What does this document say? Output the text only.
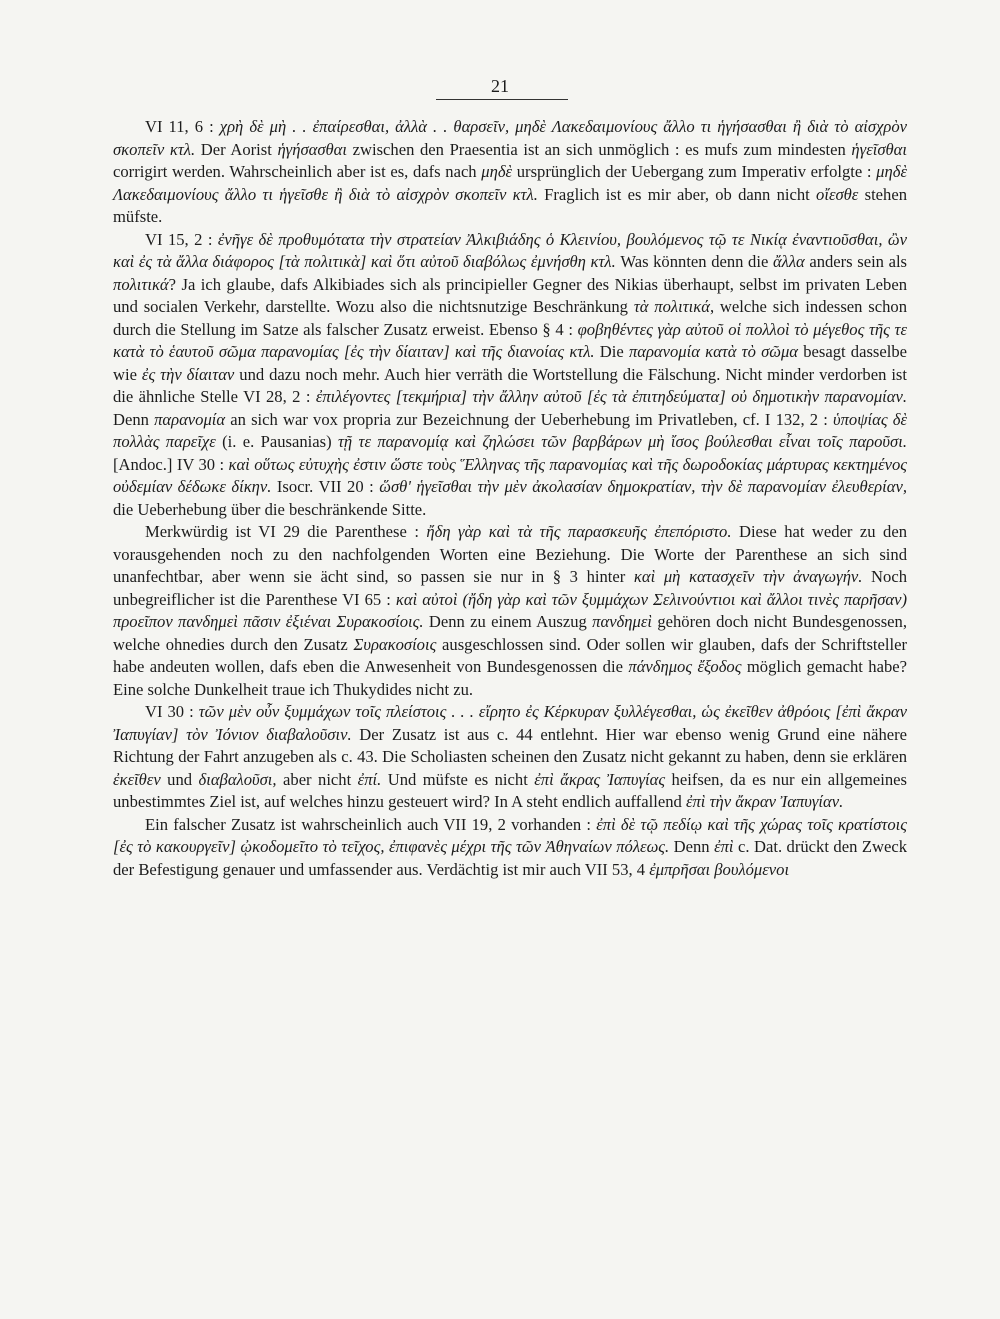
21

VI 11, 6 : χρὴ δὲ μὴ . . ἐπαίρεσθαι, ἀλλὰ . . θαρσεῖν, μηδὲ Λακεδαιμονίους ἄλλο τι ἡγήσασθαι ἢ διὰ τὸ αἰσχρὸν σκοπεῖν κτλ. Der Aorist ἡγήσασθαι zwischen den Praesentia ist an sich unmöglich : es mufs zum mindesten ἡγεῖσθαι corrigirt werden. Wahrscheinlich aber ist es, dafs nach μηδὲ ursprünglich der Uebergang zum Imperativ erfolgte : μηδὲ Λακεδαιμονίους ἄλλο τι ἡγεῖσθε ἢ διὰ τὸ αἰσχρὸν σκοπεῖν κτλ. Fraglich ist es mir aber, ob dann nicht οἴεσθε stehen müfste.

VI 15, 2 : ἐνῆγε δὲ προθυμότατα τὴν στρατείαν Ἀλκιβιάδης ὁ Κλεινίου, βουλόμενος τῷ τε Νικίᾳ ἐναντιοῦσθαι, ὢν καὶ ἐς τὰ ἄλλα διάφορος [τὰ πολιτικὰ] καὶ ὅτι αὐτοῦ διαβόλως ἐμνήσθη κτλ. Was könnten denn die ἄλλα anders sein als πολιτικά? Ja ich glaube, dafs Alkibiades sich als principieller Gegner des Nikias überhaupt, selbst im privaten Leben und socialen Verkehr, darstellte. Wozu also die nichtsnutzige Beschränkung τὰ πολιτικά, welche sich indessen schon durch die Stellung im Satze als falscher Zusatz erweist. Ebenso § 4 : φοβηθέντες γὰρ αὐτοῦ οἱ πολλοὶ τὸ μέγεθος τῆς τε κατὰ τὸ ἑαυτοῦ σῶμα παρανομίας [ἐς τὴν δίαιταν] καὶ τῆς διανοίας κτλ. Die παρανομία κατὰ τὸ σῶμα besagt dasselbe wie ἐς τὴν δίαιταν und dazu noch mehr. Auch hier verräth die Wortstellung die Fälschung. Nicht minder verdorben ist die ähnliche Stelle VI 28, 2 : ἐπιλέγοντες [τεκμήρια] τὴν ἄλλην αὐτοῦ [ἐς τὰ ἐπιτηδεύματα] οὐ δημοτικὴν παρανομίαν. Denn παρανομία an sich war vox propria zur Bezeichnung der Ueberhebung im Privatleben, cf. I 132, 2 : ὑποψίας δὲ πολλὰς παρεῖχε (i. e. Pausanias) τῇ τε παρανομίᾳ καὶ ζηλώσει τῶν βαρβάρων μὴ ἴσος βούλεσθαι εἶναι τοῖς παροῦσι. [Andoc.] IV 30 : καὶ οὕτως εὐτυχὴς ἐστιν ὥστε τοὺς Ἕλληνας τῆς παρανομίας καὶ τῆς δωροδοκίας μάρτυρας κεκτημένος οὐδεμίαν δέδωκε δίκην. Isocr. VII 20 : ὥσθ' ἡγεῖσθαι τὴν μὲν ἀκολασίαν δημοκρατίαν, τὴν δὲ παρανομίαν ἐλευθερίαν, die Ueberhebung über die beschränkende Sitte.

Merkwürdig ist VI 29 die Parenthese : ἤδη γὰρ καὶ τὰ τῆς παρασκευῆς ἐπεπόριστο. Diese hat weder zu den vorausgehenden noch zu den nachfolgenden Worten eine Beziehung. Die Worte der Parenthese an sich sind unanfechtbar, aber wenn sie ächt sind, so passen sie nur in § 3 hinter καὶ μὴ κατασχεῖν τὴν ἀναγωγήν. Noch unbegreiflicher ist die Parenthese VI 65 : καὶ αὐτοὶ (ἤδη γὰρ καὶ τῶν ξυμμάχων Σελινούντιοι καὶ ἄλλοι τινὲς παρῆσαν) προεῖπον πανδημεὶ πᾶσιν ἐξιέναι Συρακοσίοις. Denn zu einem Auszug πανδημεὶ gehören doch nicht Bundesgenossen, welche ohnedies durch den Zusatz Συρακοσίοις ausgeschlossen sind. Oder sollen wir glauben, dafs der Schriftsteller habe andeuten wollen, dafs eben die Anwesenheit von Bundesgenossen die πάνδημος ἔξοδος möglich gemacht habe? Eine solche Dunkelheit traue ich Thukydides nicht zu.

VI 30 : τῶν μὲν οὖν ξυμμάχων τοῖς πλείστοις . . . εἴρητο ἐς Κέρκυραν ξυλλέγεσθαι, ὡς ἐκεῖθεν ἀθρόοις [ἐπὶ ἄκραν Ἰαπυγίαν] τὸν Ἰόνιον διαβαλοῦσιν. Der Zusatz ist aus c. 44 entlehnt. Hier war ebenso wenig Grund eine nähere Richtung der Fahrt anzugeben als c. 43. Die Scholiasten scheinen den Zusatz nicht gekannt zu haben, denn sie erklären ἐκεῖθεν und διαβαλοῦσι, aber nicht ἐπί. Und müfste es nicht ἐπὶ ἄκρας Ἰαπυγίας heifsen, da es nur ein allgemeines unbestimmtes Ziel ist, auf welches hinzu gesteuert wird? In A steht endlich auffallend ἐπὶ τὴν ἄκραν Ἰαπυγίαν.

Ein falscher Zusatz ist wahrscheinlich auch VII 19, 2 vorhanden : ἐπὶ δὲ τῷ πεδίῳ καὶ τῆς χώρας τοῖς κρατίστοις [ἐς τὸ κακουργεῖν] ᾠκοδομεῖτο τὸ τεῖχος, ἐπιφανὲς μέχρι τῆς τῶν Ἀθηναίων πόλεως. Denn ἐπὶ c. Dat. drückt den Zweck der Befestigung genauer und umfassender aus. Verdächtig ist mir auch VII 53, 4 ἐμπρῆσαι βουλόμενοι
